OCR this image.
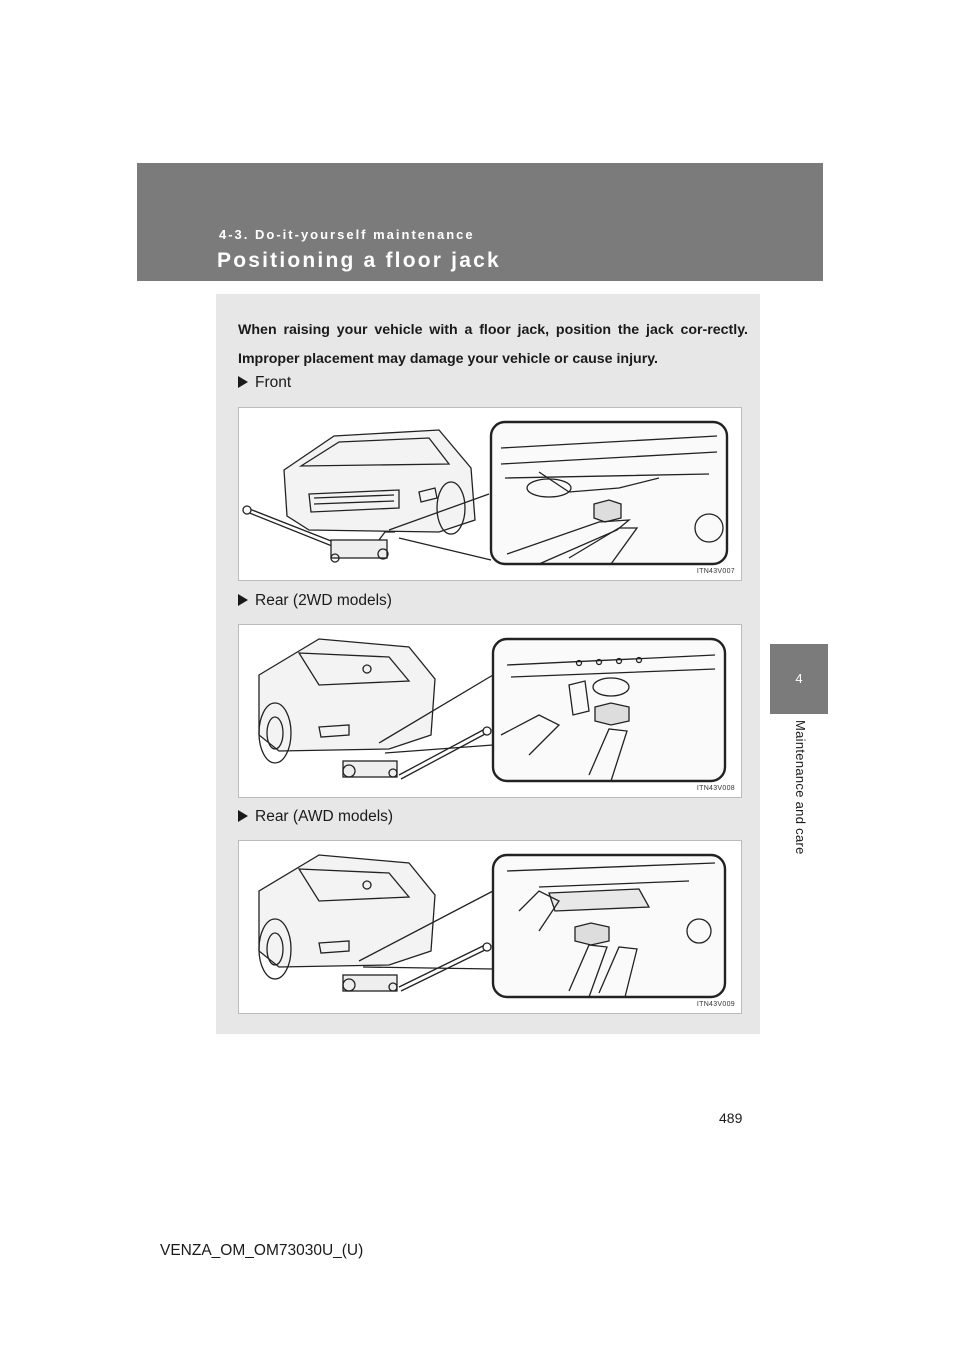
4-3. Do-it-yourself maintenance
Positioning a floor jack
4
Maintenance and care

When raising your vehicle with a floor jack, position the jack cor-rectly. Improper placement may damage your vehicle or cause injury.

Front
ITN43V007
Rear (2WD models)
ITN43V008
Rear (AWD models)
ITN43V009
489
VENZA_OM_OM73030U_(U)
